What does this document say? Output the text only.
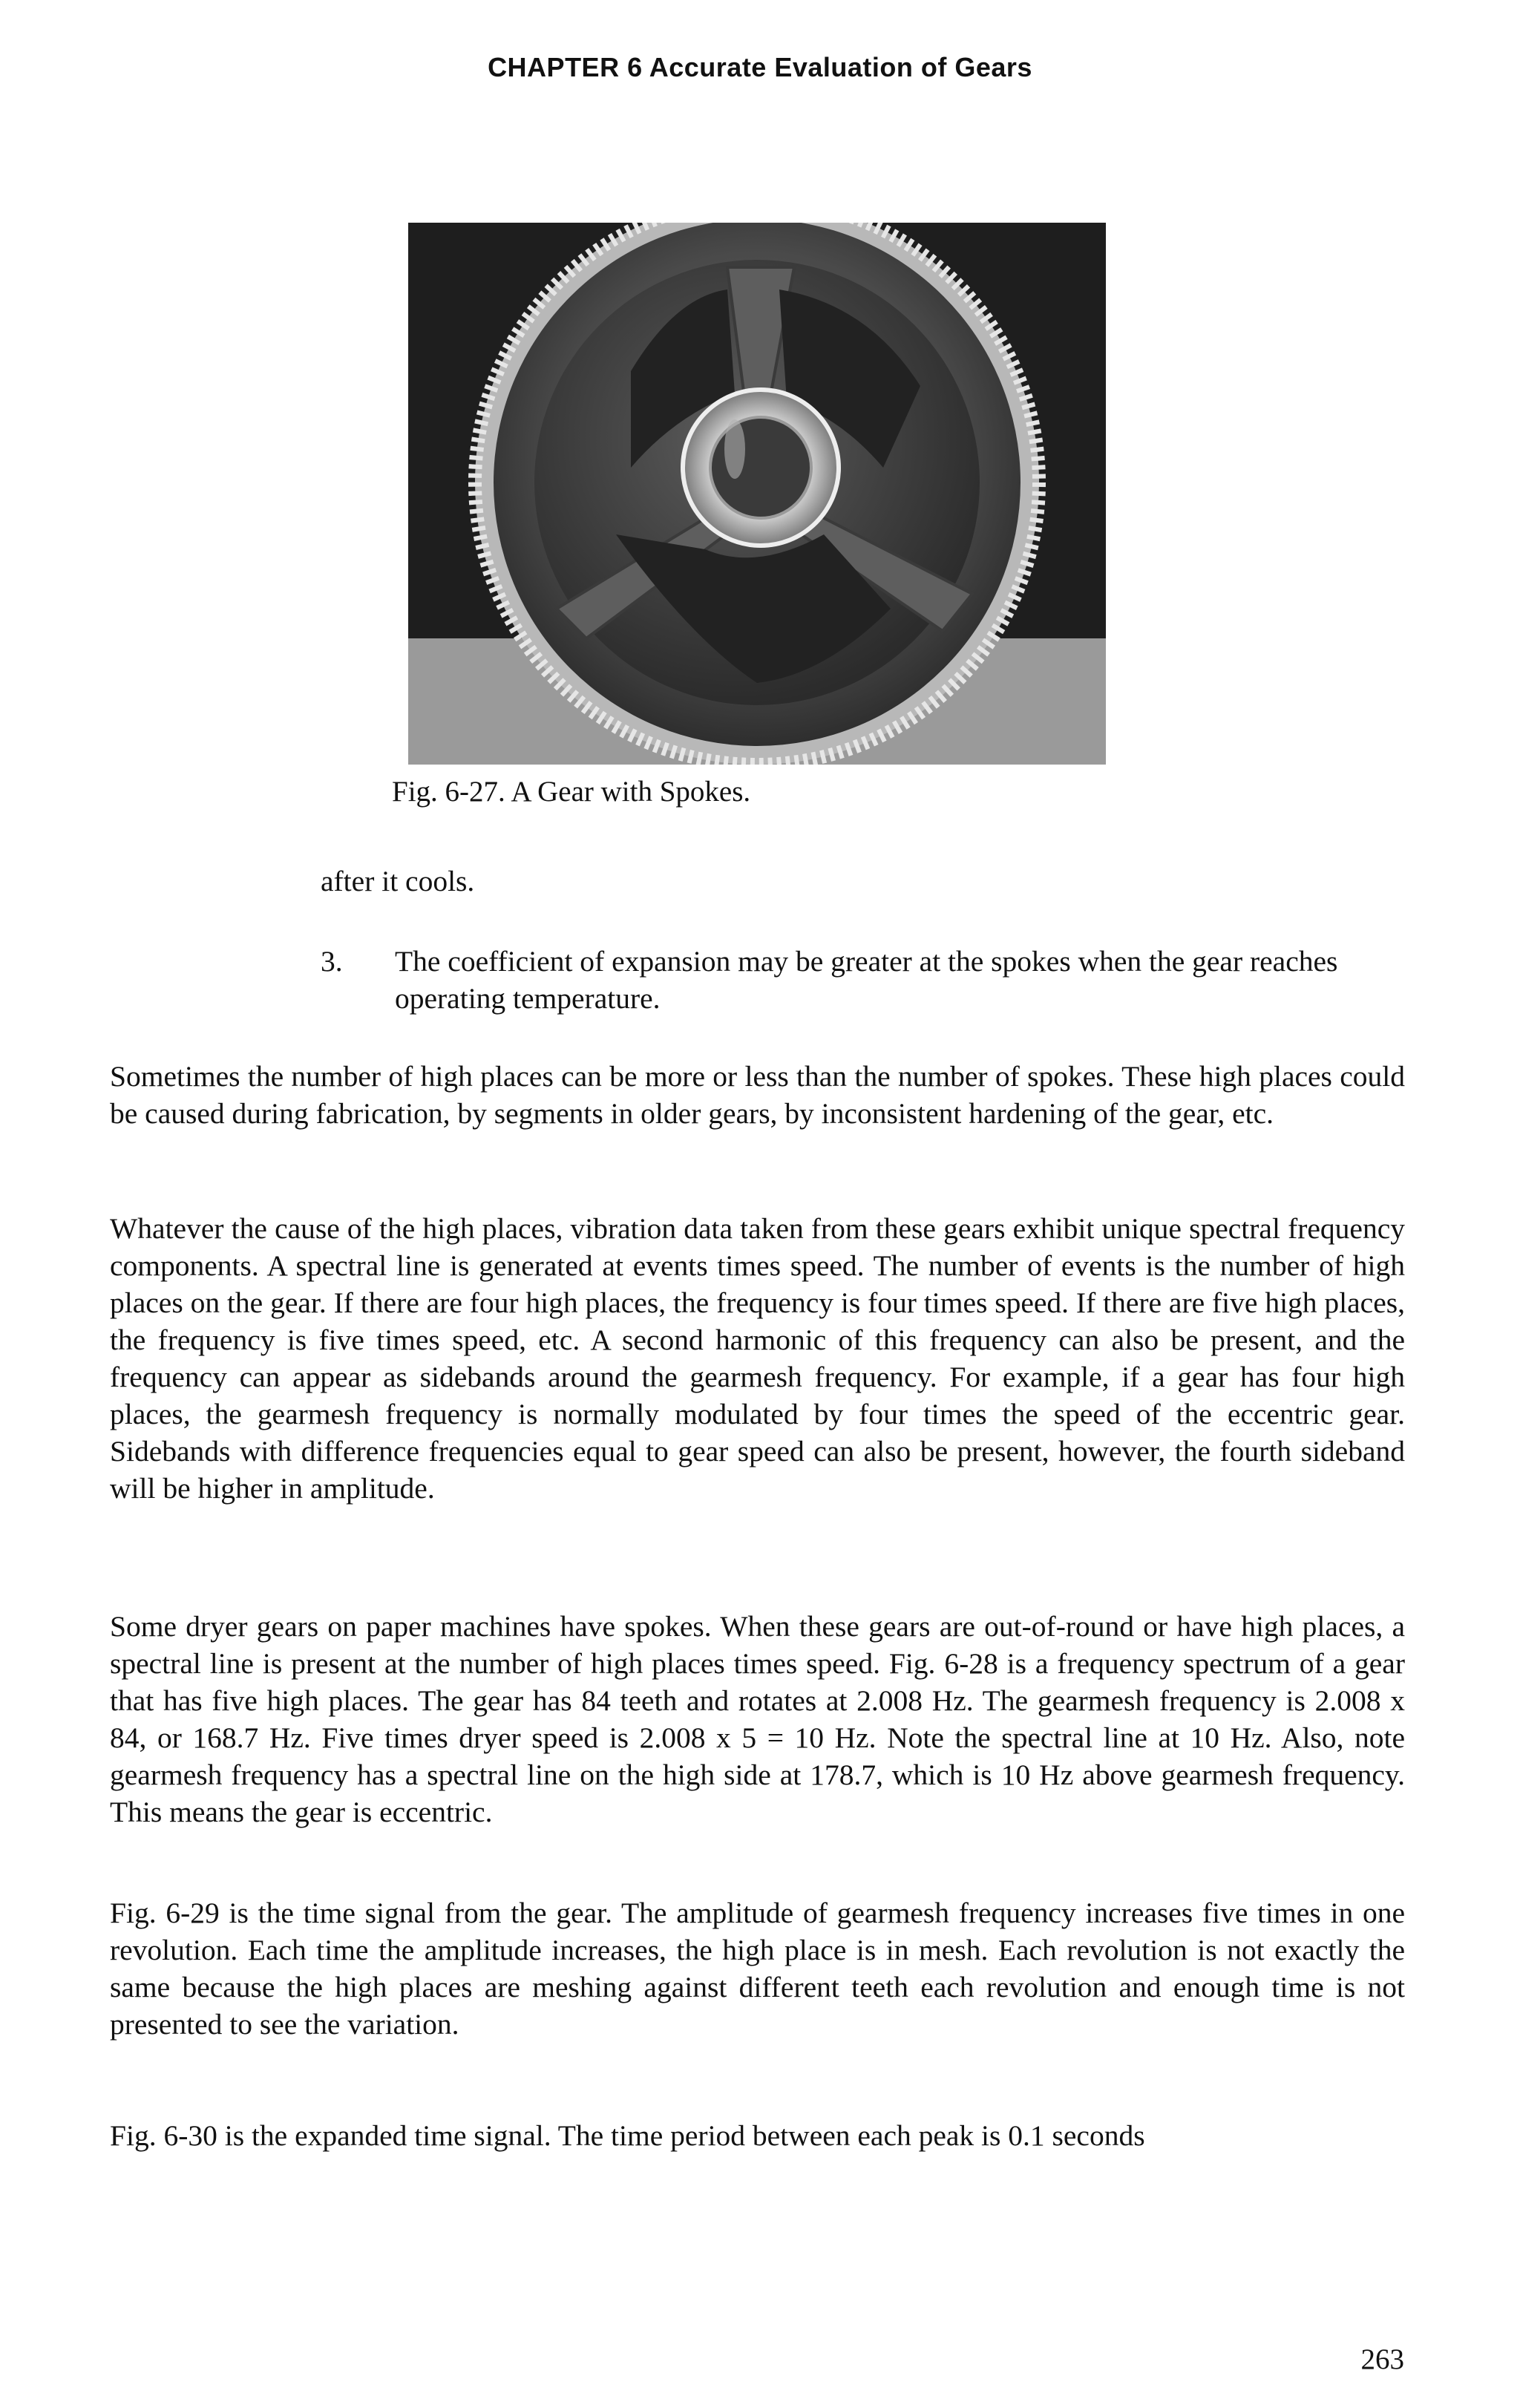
CHAPTER 6 Accurate Evaluation of Gears
Fig. 6-27. A Gear with Spokes.
after it cools.
3. The coefficient of expansion may be greater at the spokes when the gear reaches operating temperature.

Sometimes the number of high places can be more or less than the number of spokes. These high places could be caused during fabrication, by segments in older gears, by inconsistent hardening of the gear, etc.

Whatever the cause of the high places, vibration data taken from these gears exhibit unique spectral frequency components. A spectral line is generated at events times speed. The number of events is the number of high places on the gear. If there are four high places, the frequency is four times speed. If there are five high places, the frequency is five times speed, etc. A second harmonic of this frequency can also be present, and the frequency can appear as sidebands around the gearmesh frequency. For example, if a gear has four high places, the gearmesh frequency is normally modulated by four times the speed of the eccentric gear. Sidebands with difference frequencies equal to gear speed can also be present, however, the fourth sideband will be higher in amplitude.

Some dryer gears on paper machines have spokes. When these gears are out-of-round or have high places, a spectral line is present at the number of high places times speed. Fig. 6-28 is a frequency spectrum of a gear that has five high places. The gear has 84 teeth and rotates at 2.008 Hz. The gearmesh frequency is 2.008 x 84, or 168.7 Hz. Five times dryer speed is 2.008 x 5 = 10 Hz. Note the spectral line at 10 Hz. Also, note gearmesh frequency has a spectral line on the high side at 178.7, which is 10 Hz above gearmesh frequency. This means the gear is eccentric.

Fig. 6-29 is the time signal from the gear. The amplitude of gearmesh frequency increases five times in one revolution. Each time the amplitude increases, the high place is in mesh. Each revolution is not exactly the same because the high places are meshing against different teeth each revolution and enough time is not presented to see the variation.

Fig. 6-30 is the expanded time signal. The time period between each peak is 0.1 seconds

263
